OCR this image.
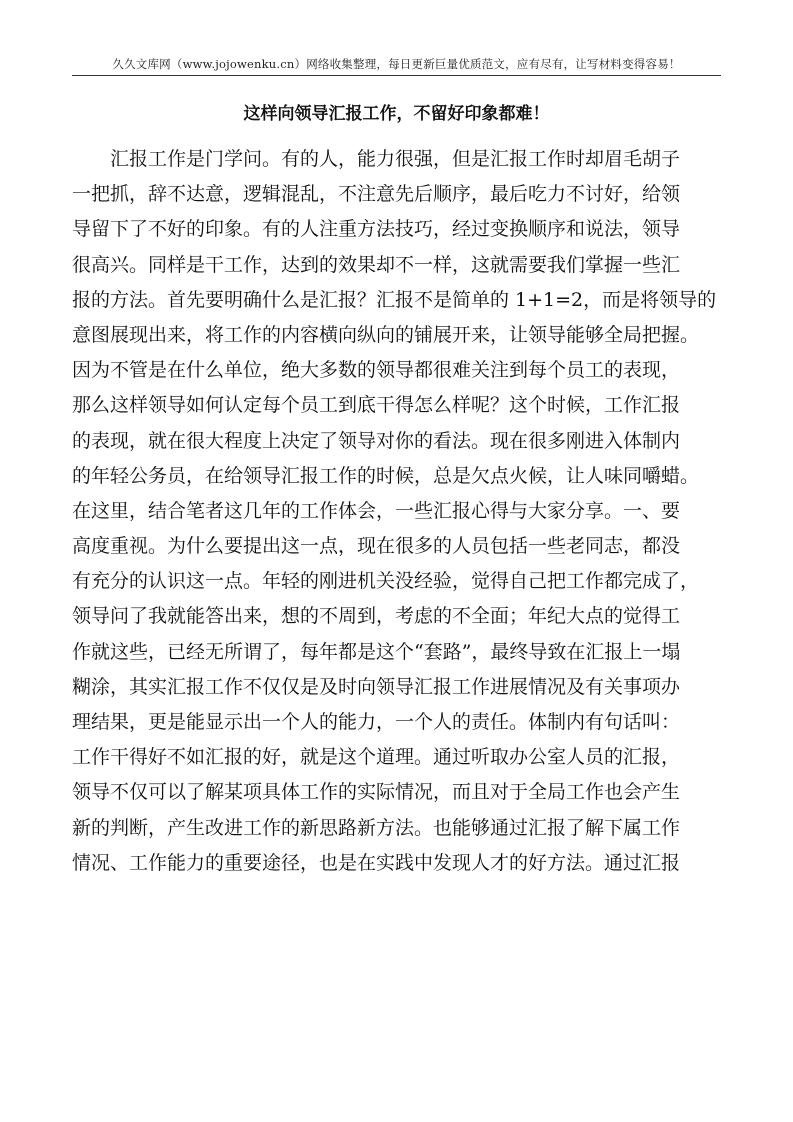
久久文库网（www.jojowenku.cn）网络收集整理，每日更新巨量优质范文，应有尽有，让写材料变得容易！
这样向领导汇报工作，不留好印象都难！
　　汇报工作是门学问。有的人，能力很强，但是汇报工作时却眉毛胡子
一把抓，辞不达意，逻辑混乱，不注意先后顺序，最后吃力不讨好，给领
导留下了不好的印象。有的人注重方法技巧，经过变换顺序和说法，领导
很高兴。同样是干工作，达到的效果却不一样，这就需要我们掌握一些汇
报的方法。首先要明确什么是汇报？汇报不是简单的 1+1=2，而是将领导的
意图展现出来，将工作的内容横向纵向的铺展开来，让领导能够全局把握。
因为不管是在什么单位，绝大多数的领导都很难关注到每个员工的表现，
那么这样领导如何认定每个员工到底干得怎么样呢？这个时候，工作汇报
的表现，就在很大程度上决定了领导对你的看法。现在很多刚进入体制内
的年轻公务员，在给领导汇报工作的时候，总是欠点火候，让人味同嚼蜡。
在这里，结合笔者这几年的工作体会，一些汇报心得与大家分享。一、要
高度重视。为什么要提出这一点，现在很多的人员包括一些老同志，都没
有充分的认识这一点。年轻的刚进机关没经验，觉得自己把工作都完成了，
领导问了我就能答出来，想的不周到，考虑的不全面；年纪大点的觉得工
作就这些，已经无所谓了，每年都是这个“套路”，最终导致在汇报上一塌
糊涂，其实汇报工作不仅仅是及时向领导汇报工作进展情况及有关事项办
理结果，更是能显示出一个人的能力，一个人的责任。体制内有句话叫：
工作干得好不如汇报的好，就是这个道理。通过听取办公室人员的汇报，
领导不仅可以了解某项具体工作的实际情况，而且对于全局工作也会产生
新的判断，产生改进工作的新思路新方法。也能够通过汇报了解下属工作
情况、工作能力的重要途径，也是在实践中发现人才的好方法。通过汇报
